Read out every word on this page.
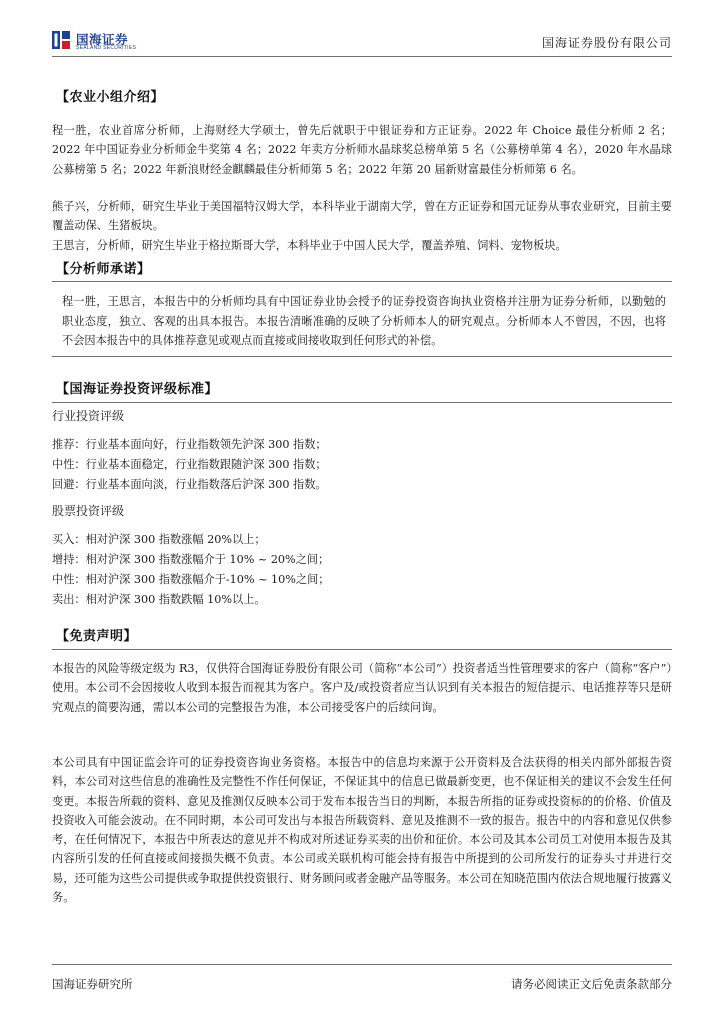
国海证券
SEALAND SECURITIES	国海证券股份有限公司
【农业小组介绍】
程一胜，农业首席分析师，上海财经大学硕士，曾先后就职于中银证券和方正证券。2022 年 Choice 最佳分析师 2 名；2022 年中国证券业分析师金牛奖第 4 名；2022 年卖方分析师水晶球奖总榜单第 5 名（公募榜单第 4 名），2020 年水晶球公募榜第 5 名；2022 年新浪财经金麒麟最佳分析师第 5 名；2022 年第 20 届新财富最佳分析师第 6 名。
熊子兴，分析师，研究生毕业于美国福特汉姆大学，本科毕业于湖南大学，曾在方正证券和国元证券从事农业研究，目前主要覆盖动保、生猪板块。
王思言，分析师，研究生毕业于格拉斯哥大学，本科毕业于中国人民大学，覆盖养殖、饲料、宠物板块。
【分析师承诺】
程一胜，王思言，本报告中的分析师均具有中国证券业协会授予的证券投资咨询执业资格并注册为证券分析师，以勤勉的职业态度，独立、客观的出具本报告。本报告清晰准确的反映了分析师本人的研究观点。分析师本人不曾因，不因，也将不会因本报告中的具体推荐意见或观点而直接或间接收取到任何形式的补偿。
【国海证券投资评级标准】
行业投资评级
推荐：行业基本面向好，行业指数领先沪深 300 指数；
中性：行业基本面稳定，行业指数跟随沪深 300 指数；
回避：行业基本面向淡，行业指数落后沪深 300 指数。
股票投资评级
买入：相对沪深 300 指数涨幅 20%以上；
增持：相对沪深 300 指数涨幅介于 10% ~ 20%之间；
中性：相对沪深 300 指数涨幅介于-10% ~ 10%之间；
卖出：相对沪深 300 指数跌幅 10%以上。
【免责声明】
本报告的风险等级定级为 R3，仅供符合国海证券股份有限公司（简称“本公司”）投资者适当性管理要求的客户（简称“客户”）使用。本公司不会因接收人收到本报告而视其为客户。客户及/或投资者应当认识到有关本报告的短信提示、电话推荐等只是研究观点的简要沟通，需以本公司的完整报告为准，本公司接受客户的后续问询。
本公司具有中国证监会许可的证券投资咨询业务资格。本报告中的信息均来源于公开资料及合法获得的相关内部外部报告资料，本公司对这些信息的准确性及完整性不作任何保证，不保证其中的信息已做最新变更，也不保证相关的建议不会发生任何变更。本报告所载的资料、意见及推测仅反映本公司于发布本报告当日的判断，本报告所指的证券或投资标的的价格、价值及投资收入可能会波动。在不同时期，本公司可发出与本报告所载资料、意见及推测不一致的报告。报告中的内容和意见仅供参考，在任何情况下，本报告中所表达的意见并不构成对所述证券买卖的出价和征价。本公司及其本公司员工对使用本报告及其内容所引发的任何直接或间接损失概不负责。本公司或关联机构可能会持有报告中所提到的公司所发行的证券头寸并进行交易，还可能为这些公司提供或争取提供投资银行、财务顾问或者金融产品等服务。本公司在知晓范围内依法合规地履行披露义务。
国海证券研究所	请务必阅读正文后免责条款部分
